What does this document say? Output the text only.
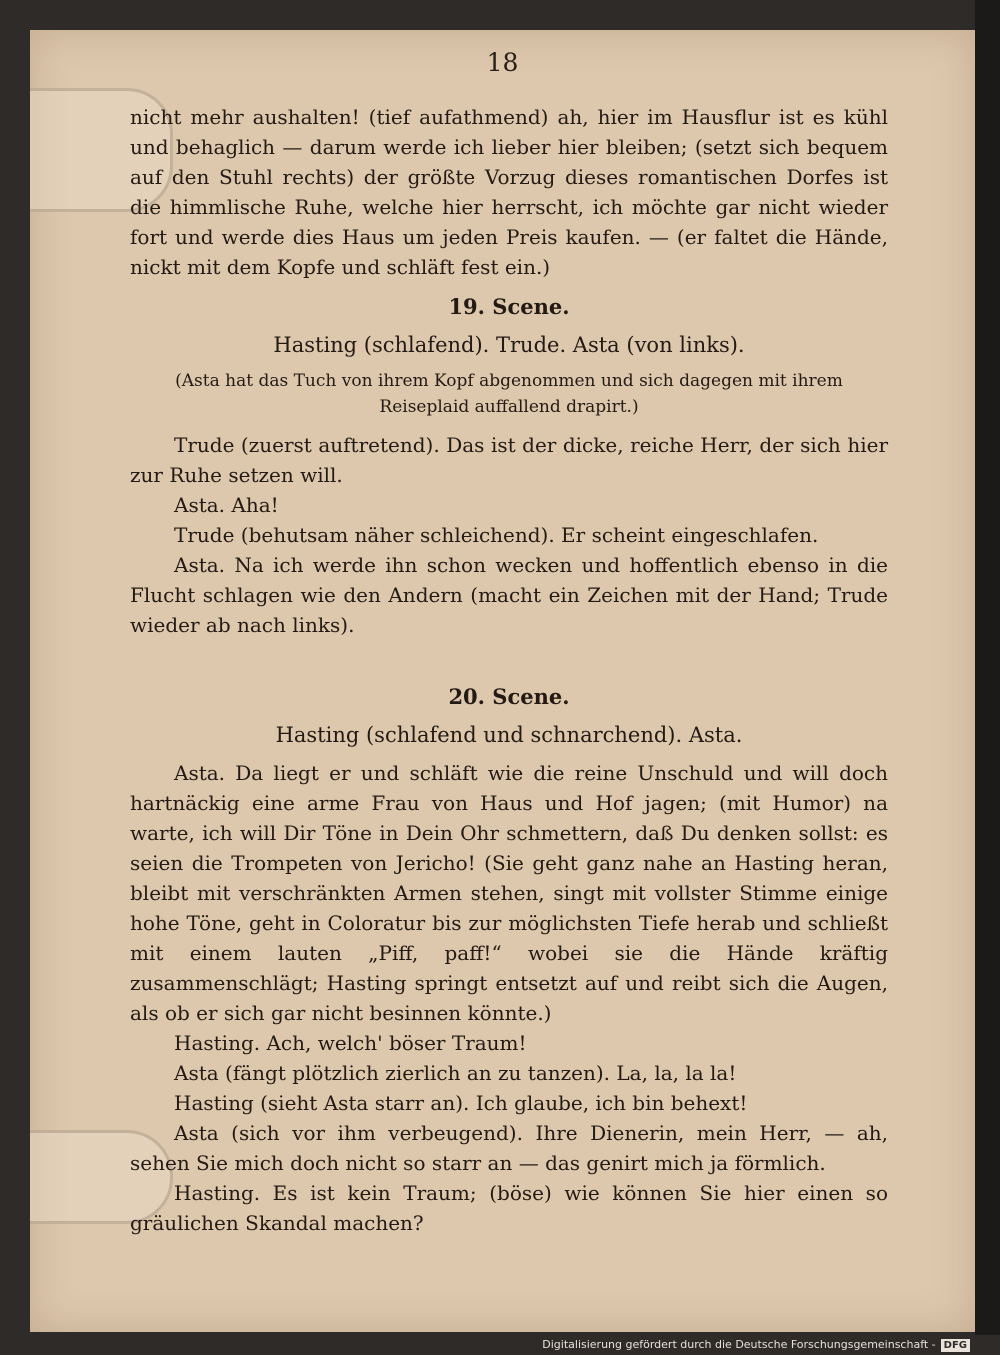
18

nicht mehr aushalten! (tief aufathmend) ah, hier im Hausflur ist es kühl und behaglich — darum werde ich lieber hier bleiben; (setzt sich bequem auf den Stuhl rechts) der größte Vorzug dieses romantischen Dorfes ist die himmlische Ruhe, welche hier herrscht, ich möchte gar nicht wieder fort und werde dies Haus um jeden Preis kaufen. — (er faltet die Hände, nickt mit dem Kopfe und schläft fest ein.)

19. Scene.

Hasting (schlafend). Trude. Asta (von links).

(Asta hat das Tuch von ihrem Kopf abgenommen und sich dagegen mit ihrem Reiseplaid auffallend drapirt.)

Trude (zuerst auftretend). Das ist der dicke, reiche Herr, der sich hier zur Ruhe setzen will.

Asta. Aha!

Trude (behutsam näher schleichend). Er scheint eingeschlafen.

Asta. Na ich werde ihn schon wecken und hoffentlich ebenso in die Flucht schlagen wie den Andern (macht ein Zeichen mit der Hand; Trude wieder ab nach links).

20. Scene.

Hasting (schlafend und schnarchend). Asta.

Asta. Da liegt er und schläft wie die reine Unschuld und will doch hartnäckig eine arme Frau von Haus und Hof jagen; (mit Humor) na warte, ich will Dir Töne in Dein Ohr schmettern, daß Du denken sollst: es seien die Trompeten von Jericho! (Sie geht ganz nahe an Hasting heran, bleibt mit verschränkten Armen stehen, singt mit vollster Stimme einige hohe Töne, geht in Coloratur bis zur möglichsten Tiefe herab und schließt mit einem lauten „Piff, paff!“ wobei sie die Hände kräftig zusammenschlägt; Hasting springt entsetzt auf und reibt sich die Augen, als ob er sich gar nicht besinnen könnte.)

Hasting. Ach, welch' böser Traum!

Asta (fängt plötzlich zierlich an zu tanzen). La, la, la la!

Hasting (sieht Asta starr an). Ich glaube, ich bin behext!

Asta (sich vor ihm verbeugend). Ihre Dienerin, mein Herr, — ah, sehen Sie mich doch nicht so starr an — das genirt mich ja förmlich.

Hasting. Es ist kein Traum; (böse) wie können Sie hier einen so gräulichen Skandal machen?

Digitalisierung gefördert durch die Deutsche Forschungsgemeinschaft - DFG
